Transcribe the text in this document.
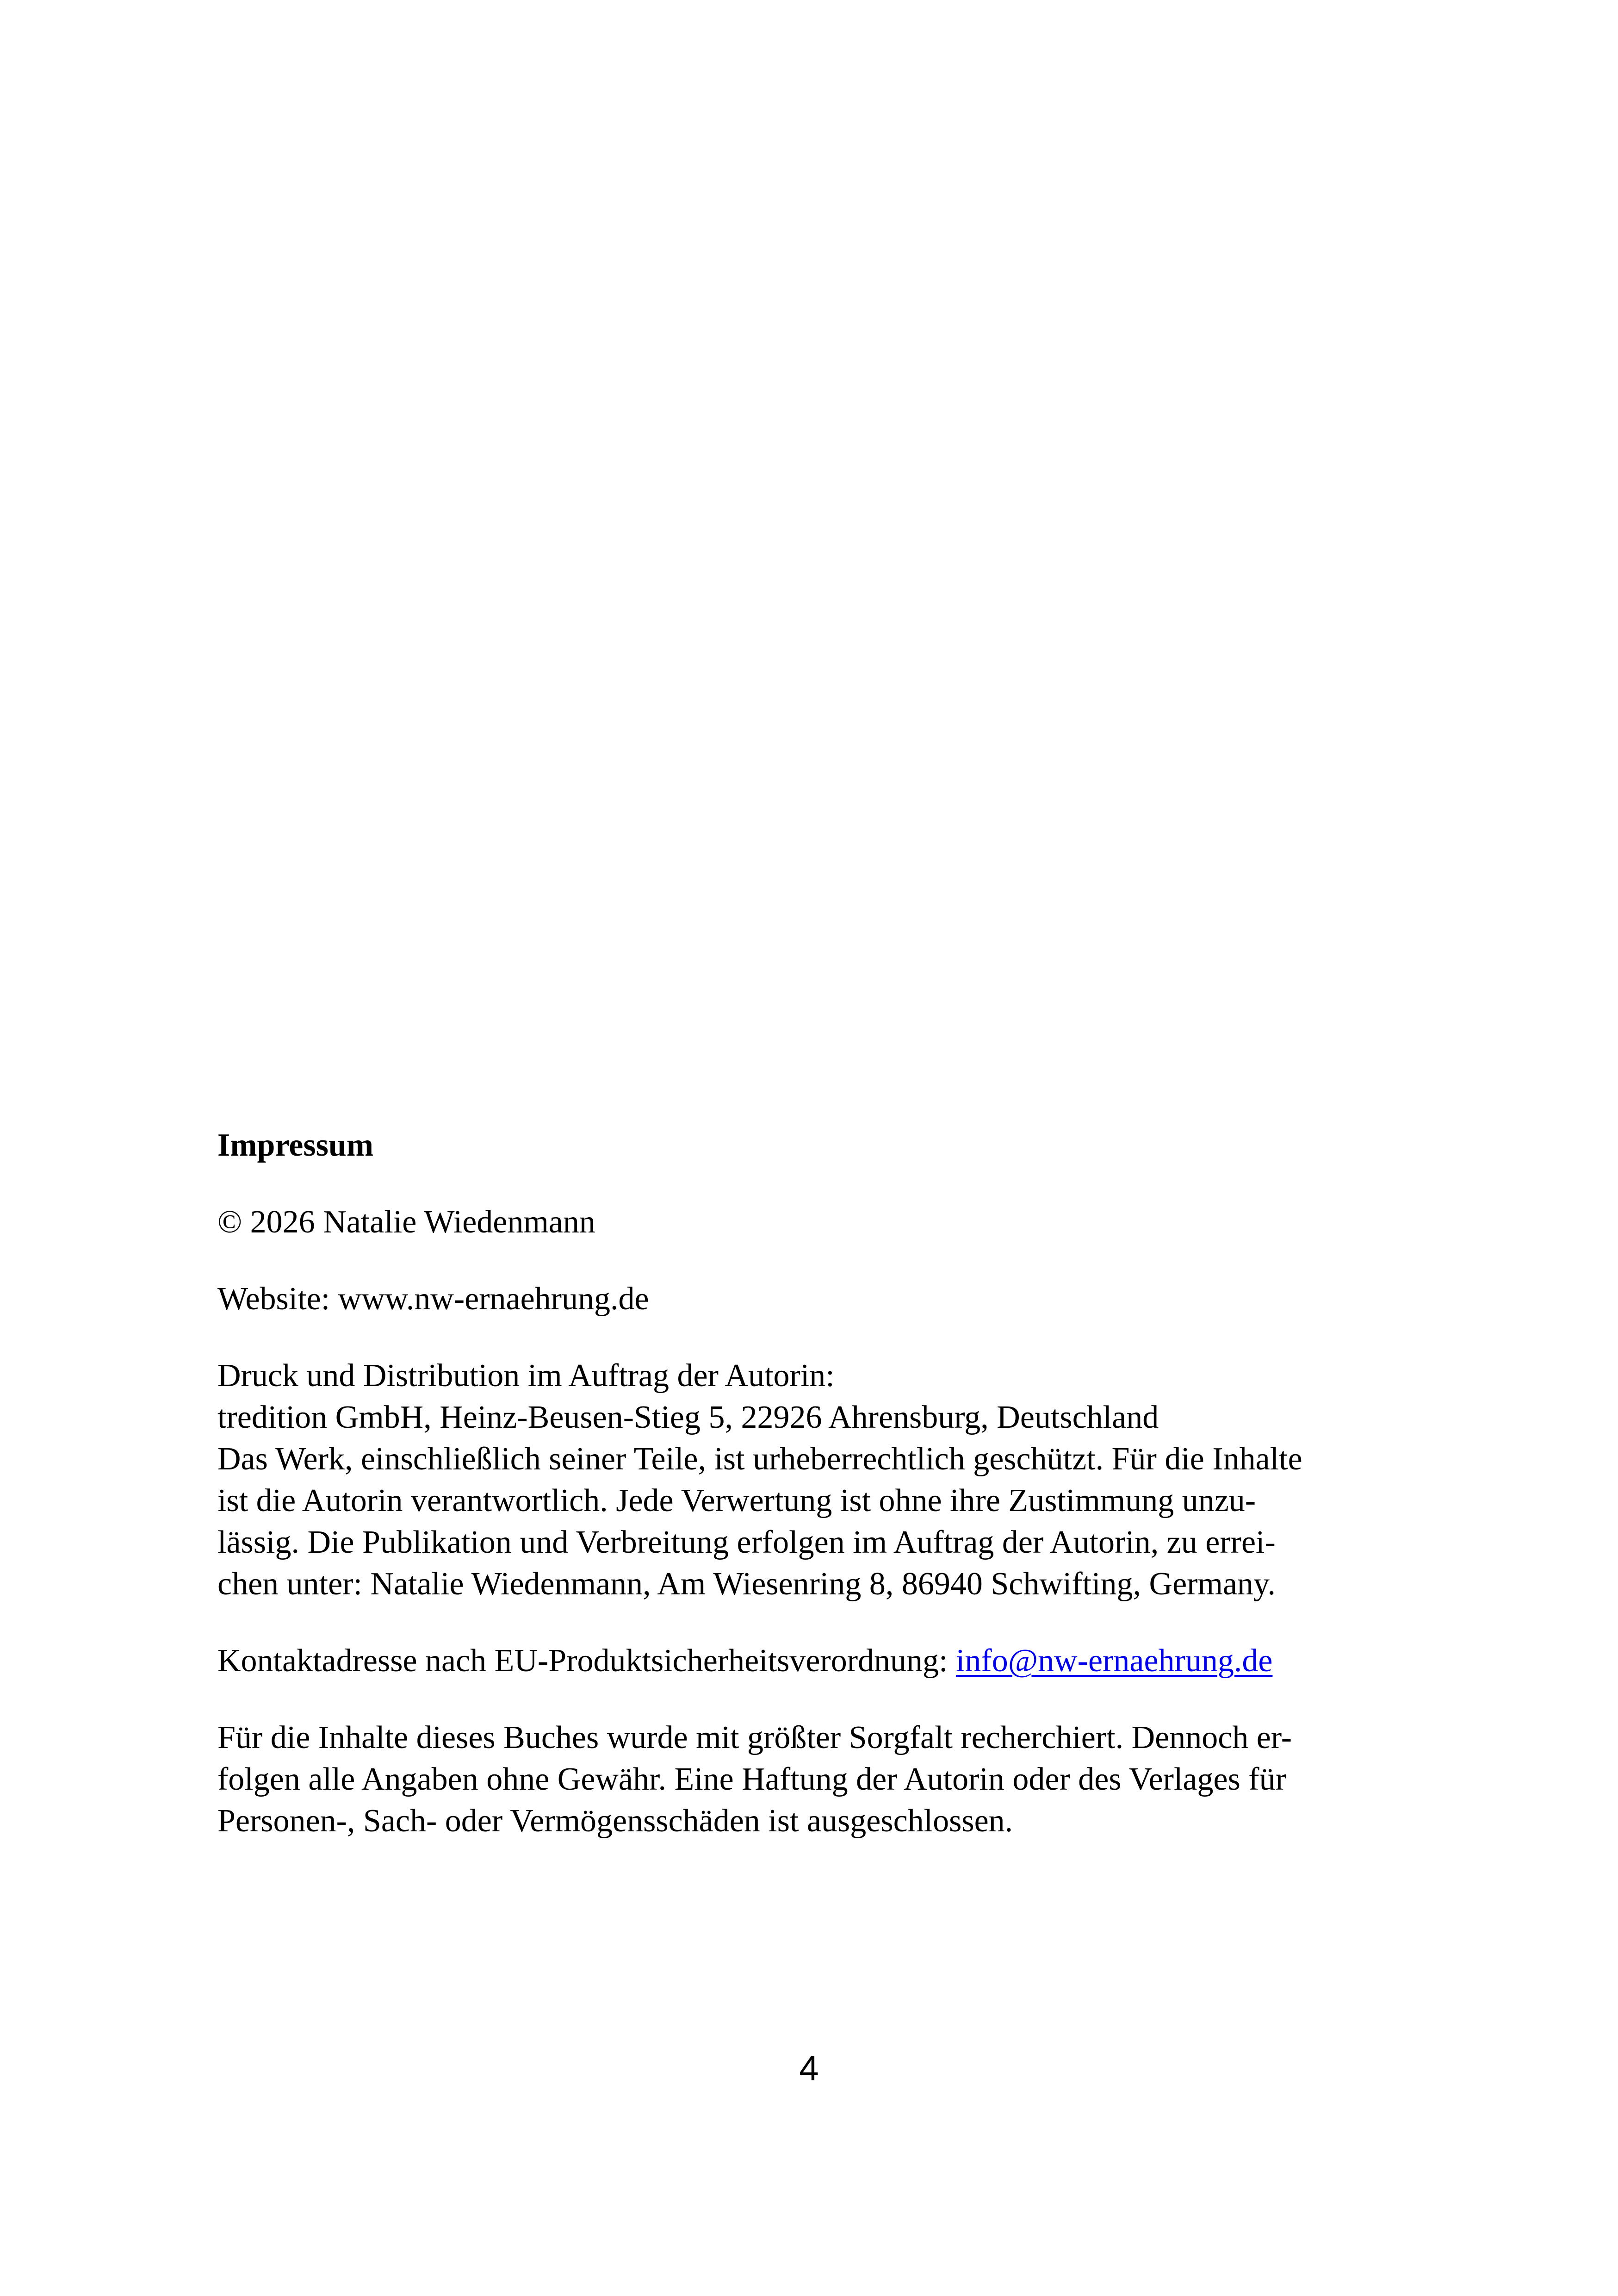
Impressum
© 2026 Natalie Wiedenmann
Website: www.nw-ernaehrung.de
Druck und Distribution im Auftrag der Autorin:
tredition GmbH, Heinz-Beusen-Stieg 5, 22926 Ahrensburg, Deutschland
Das Werk, einschließlich seiner Teile, ist urheberrechtlich geschützt. Für die Inhalte
ist die Autorin verantwortlich. Jede Verwertung ist ohne ihre Zustimmung unzu-
lässig. Die Publikation und Verbreitung erfolgen im Auftrag der Autorin, zu errei-
chen unter: Natalie Wiedenmann, Am Wiesenring 8, 86940 Schwifting, Germany.
Kontaktadresse nach EU-Produktsicherheitsverordnung: info@nw-ernaehrung.de
Für die Inhalte dieses Buches wurde mit größter Sorgfalt recherchiert. Dennoch er-
folgen alle Angaben ohne Gewähr. Eine Haftung der Autorin oder des Verlages für
Personen-, Sach- oder Vermögensschäden ist ausgeschlossen.
4
